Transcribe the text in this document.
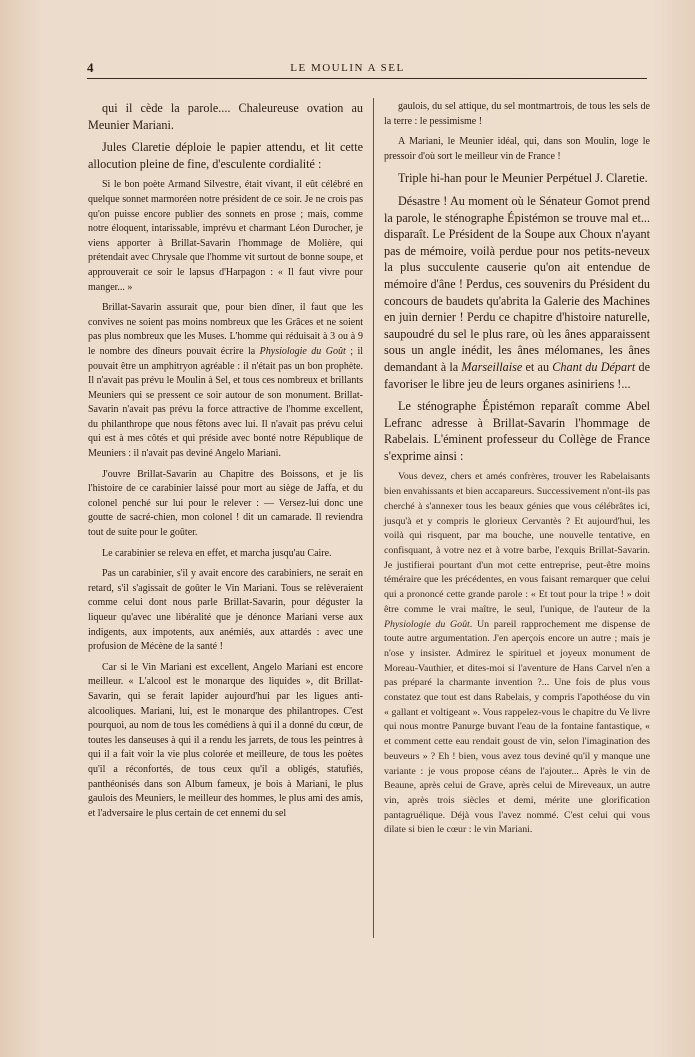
4	LE MOULIN A SEL

qui il cède la parole.... Chaleureuse ovation au Meunier Mariani.

Jules Claretie déploie le papier attendu, et lit cette allocution pleine de fine, d'esculente cordialité :

Si le bon poète Armand Silvestre, était vivant, il eût célébré en quelque sonnet marmoréen notre président de ce soir. Je ne crois pas qu'on puisse encore publier des sonnets en prose ; mais, comme notre éloquent, intarissable, imprévu et charmant Léon Durocher, je viens apporter à Brillat-Savarin l'hommage de Molière, qui prétendait avec Chrysale que l'homme vit surtout de bonne soupe, et approuverait ce soir le lapsus d'Harpagon : « Il faut vivre pour manger... »

Brillat-Savarin assurait que, pour bien dîner, il faut que les convives ne soient pas moins nombreux que les Grâces et ne soient pas plus nombreux que les Muses. L'homme qui réduisait à 3 ou à 9 le nombre des dîneurs pouvait écrire la Physiologie du Goût ; il pouvait être un amphitryon agréable : il n'était pas un bon prophète. Il n'avait pas prévu le Moulin à Sel, et tous ces nombreux et brillants Meuniers qui se pressent ce soir autour de son monument. Brillat-Savarin n'avait pas prévu la force attractive de l'homme excellent, du philanthrope que nous fêtons avec lui. Il n'avait pas prévu celui qui est à mes côtés et qui préside avec bonté notre République de Meuniers : il n'avait pas deviné Angelo Mariani.

J'ouvre Brillat-Savarin au Chapitre des Boissons, et je lis l'histoire de ce carabinier laissé pour mort au siège de Jaffa, et du colonel penché sur lui pour le relever : — Versez-lui donc une goutte de sacré-chien, mon colonel ! dit un camarade. Il reviendra tout de suite pour le goûter.

Le carabinier se releva en effet, et marcha jusqu'au Caire.

Pas un carabinier, s'il y avait encore des carabiniers, ne serait en retard, s'il s'agissait de goûter le Vin Mariani. Tous se relèveraient comme celui dont nous parle Brillat-Savarin, pour déguster la liqueur qu'avec une libéralité que je dénonce Mariani verse aux indigents, aux impotents, aux anémiés, aux attardés : avec une profusion de Mécène de la santé !

Car si le Vin Mariani est excellent, Angelo Mariani est encore meilleur. « L'alcool est le monarque des liquides », dit Brillat-Savarin, qui se ferait lapider aujourd'hui par les ligues anti-alcooliques. Mariani, lui, est le monarque des philantropes. C'est pourquoi, au nom de tous les comédiens à qui il a donné du cœur, de toutes les danseuses à qui il a rendu les jarrets, de tous les peintres à qui il a fait voir la vie plus colorée et meilleure, de tous les poètes qu'il a réconfortés, de tous ceux qu'il a obligés, statufiés, panthéonisés dans son Album fameux, je bois à Mariani, le plus gaulois des Meuniers, le meilleur des hommes, le plus ami des amis, et l'adversaire le plus certain de cet ennemi du sel

gaulois, du sel attique, du sel montmartrois, de tous les sels de la terre : le pessimisme !

A Mariani, le Meunier idéal, qui, dans son Moulin, loge le pressoir d'où sort le meilleur vin de France !

Triple hi-han pour le Meunier Perpétuel J. Claretie.

Désastre ! Au moment où le Sénateur Gomot prend la parole, le sténographe Épistémon se trouve mal et... disparaît. Le Président de la Soupe aux Choux n'ayant pas de mémoire, voilà perdue pour nos petits-neveux la plus succulente causerie qu'on ait entendue de mémoire d'âne ! Perdus, ces souvenirs du Président du concours de baudets qu'abrita la Galerie des Machines en juin dernier ! Perdu ce chapitre d'histoire naturelle, saupoudré du sel le plus rare, où les ânes apparaissent sous un angle inédit, les ânes mélomanes, les ânes demandant à la Marseillaise et au Chant du Départ de favoriser le libre jeu de leurs organes asiniriens !...

Le sténographe Épistémon reparaît comme Abel Lefranc adresse à Brillat-Savarin l'hommage de Rabelais. L'éminent professeur du Collège de France s'exprime ainsi :

Vous devez, chers et amés confrères, trouver les Rabelaisants bien envahissants et bien accapareurs. Successivement n'ont-ils pas cherché à s'annexer tous les beaux génies que vous célébrâtes ici, jusqu'à et y compris le glorieux Cervantès ? Et aujourd'hui, les voilà qui risquent, par ma bouche, une nouvelle tentative, en confisquant, à votre nez et à votre barbe, l'exquis Brillat-Savarin. Je justifierai pourtant d'un mot cette entreprise, peut-être moins téméraire que les précédentes, en vous faisant remarquer que celui qui a prononcé cette grande parole : « Et tout pour la tripe ! » doit être comme le vrai maître, le seul, l'unique, de l'auteur de la Physiologie du Goût. Un pareil rapprochement me dispense de toute autre argumentation. J'en aperçois encore un autre ; mais je n'ose y insister. Admirez le spirituel et joyeux monument de Moreau-Vauthier, et dites-moi si l'aventure de Hans Carvel n'en a pas préparé la charmante invention ?... Une fois de plus vous constatez que tout est dans Rabelais, y compris l'apothéose du vin « gallant et voltigeant ». Vous rappelez-vous le chapitre du Ve livre qui nous montre Panurge buvant l'eau de la fontaine fantastique, « et comment cette eau rendait goust de vin, selon l'imagination des beuveurs » ? Eh ! bien, vous avez tous deviné qu'il y manque une variante : je vous propose céans de l'ajouter... Après le vin de Beaune, après celui de Grave, après celui de Mireveaux, un autre vin, après trois siècles et demi, mérite une glorification pantagruélique. Déjà vous l'avez nommé. C'est celui qui vous dilate si bien le cœur : le vin Mariani.
